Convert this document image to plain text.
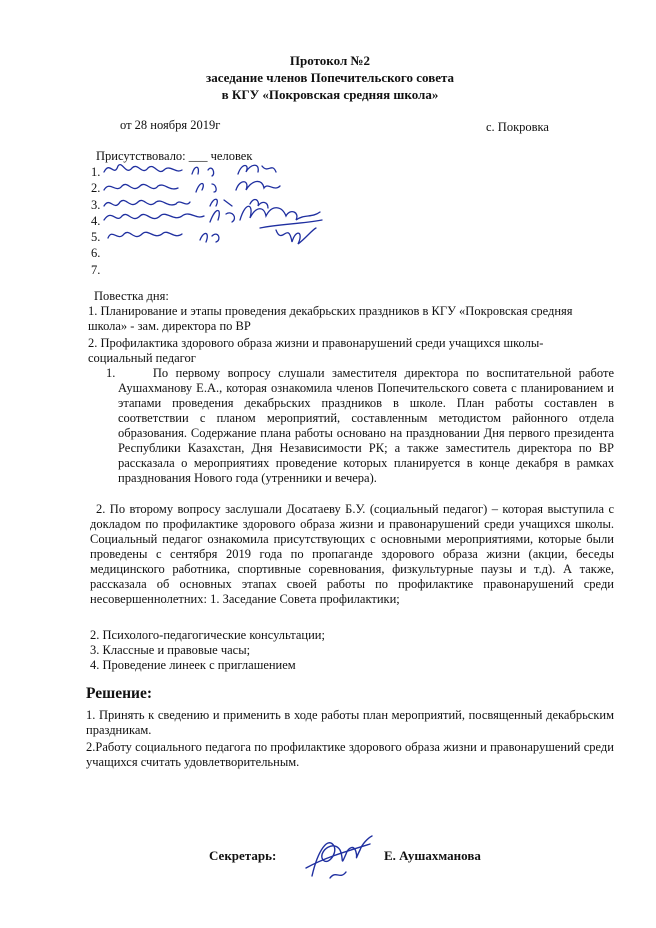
Протокол №2
заседание членов Попечительского совета
в КГУ «Покровская средняя школа»
от 28 ноября 2019г	с. Покровка
Присутствовало: ___ человек
1.
2.
3.
4.
5.
6.
7.
Повестка дня:
1. Планирование и этапы проведения декабрьских праздников в КГУ «Покровская средняя
школа» - зам. директора по ВР
2. Профилактика здорового образа жизни и правонарушений среди учащихся школы-
социальный педагог
1.     По первому вопросу слушали заместителя директора по воспитательной работе Аушахманову Е.А., которая ознакомила членов Попечительского совета с планированием и этапами проведения декабрьских праздников в школе. План работы составлен в соответствии с планом мероприятий, составленным методистом районного отдела образования. Содержание плана работы основано на праздновании Дня первого президента Республики Казахстан, Дня Независимости РК; а также заместитель директора по ВР рассказала о мероприятиях проведение которых планируется в конце декабря в рамках празднования Нового года (утренники и вечера).
2. По второму вопросу заслушали Досатаеву Б.У. (социальный педагог) – которая выступила с докладом по профилактике здорового образа жизни и правонарушений среди учащихся школы. Социальный педагог ознакомила присутствующих с основными мероприятиями, которые были проведены с сентября 2019 года по пропаганде здорового образа жизни (акции, беседы медицинского работника, спортивные соревнования, физкультурные паузы и т.д). А также, рассказала об основных этапах своей работы по профилактике правонарушений среди несовершеннолетних: 1. Заседание Совета профилактики;
2. Психолого-педагогические консультации;
3. Классные и правовые часы;
4. Проведение линеек с приглашением
Решение:
1. Принять к сведению и применить в ходе работы план мероприятий, посвященный декабрьским праздникам.
2.Работу социального педагога по профилактике здорового образа жизни и правонарушений среди учащихся считать удовлетворительным.
Секретарь:	Е. Аушахманова
